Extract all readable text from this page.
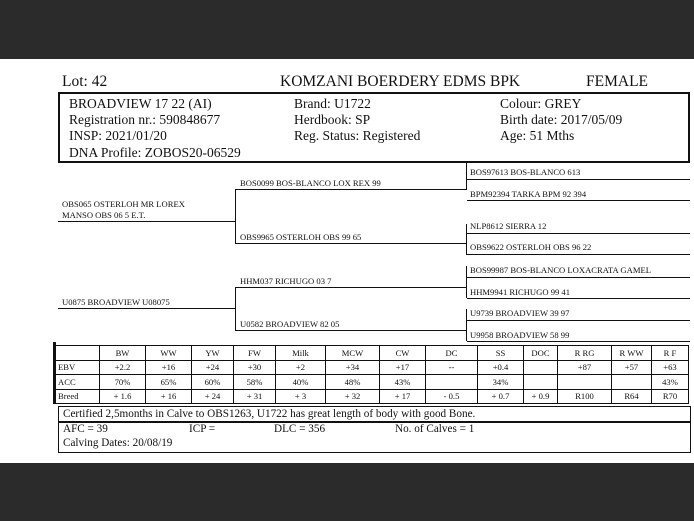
Lot: 42	KOMZANI BOERDERY EDMS BPK	FEMALE
BROADVIEW 17 22 (AI)	Brand: U1722	Colour: GREY
Registration nr.: 590848677	Herdbook: SP	Birth date: 2017/05/09
INSP: 2021/01/20	Reg. Status: Registered	Age: 51 Mths
DNA Profile: ZOBOS20-06529
BOS97613 BOS-BLANCO 613
BPM92394 TARKA BPM 92 394
NLP8612 SIERRA 12
OBS9622 OSTERLOH OBS 96 22
BOS99987 BOS-BLANCO LOXACRATA GAMEL
HHM9941 RICHUGO 99 41
U9739 BROADVIEW 39 97
U9958 BROADVIEW 58 99
BOS0099 BOS-BLANCO LOX REX 99
OBS9965 OSTERLOH OBS 99 65
HHM037 RICHUGO 03 7
U0582 BROADVIEW 82 05
OBS065 OSTERLOH MR LOREX
MANSO OBS 06 5 E.T.
U0875 BROADVIEW U08075
	BW	WW	YW	FW	Milk	MCW	CW	DC	SS	DOC	R RG	R WW	R F
EBV	+2.2	+16	+24	+30	+2	+34	+17	--	+0.4		+87	+57	+63
ACC	70%	65%	60%	58%	40%	48%	43%		34%				43%
Breed	+ 1.6	+ 16	+ 24	+ 31	+ 3	+ 32	+ 17	- 0.5	+ 0.7	+ 0.9	R100	R64	R70
Certified 2,5months in Calve to OBS1263, U1722 has great length of body with good Bone.
AFC = 39	ICP =	DLC = 356	No. of Calves = 1
Calving Dates: 20/08/19
